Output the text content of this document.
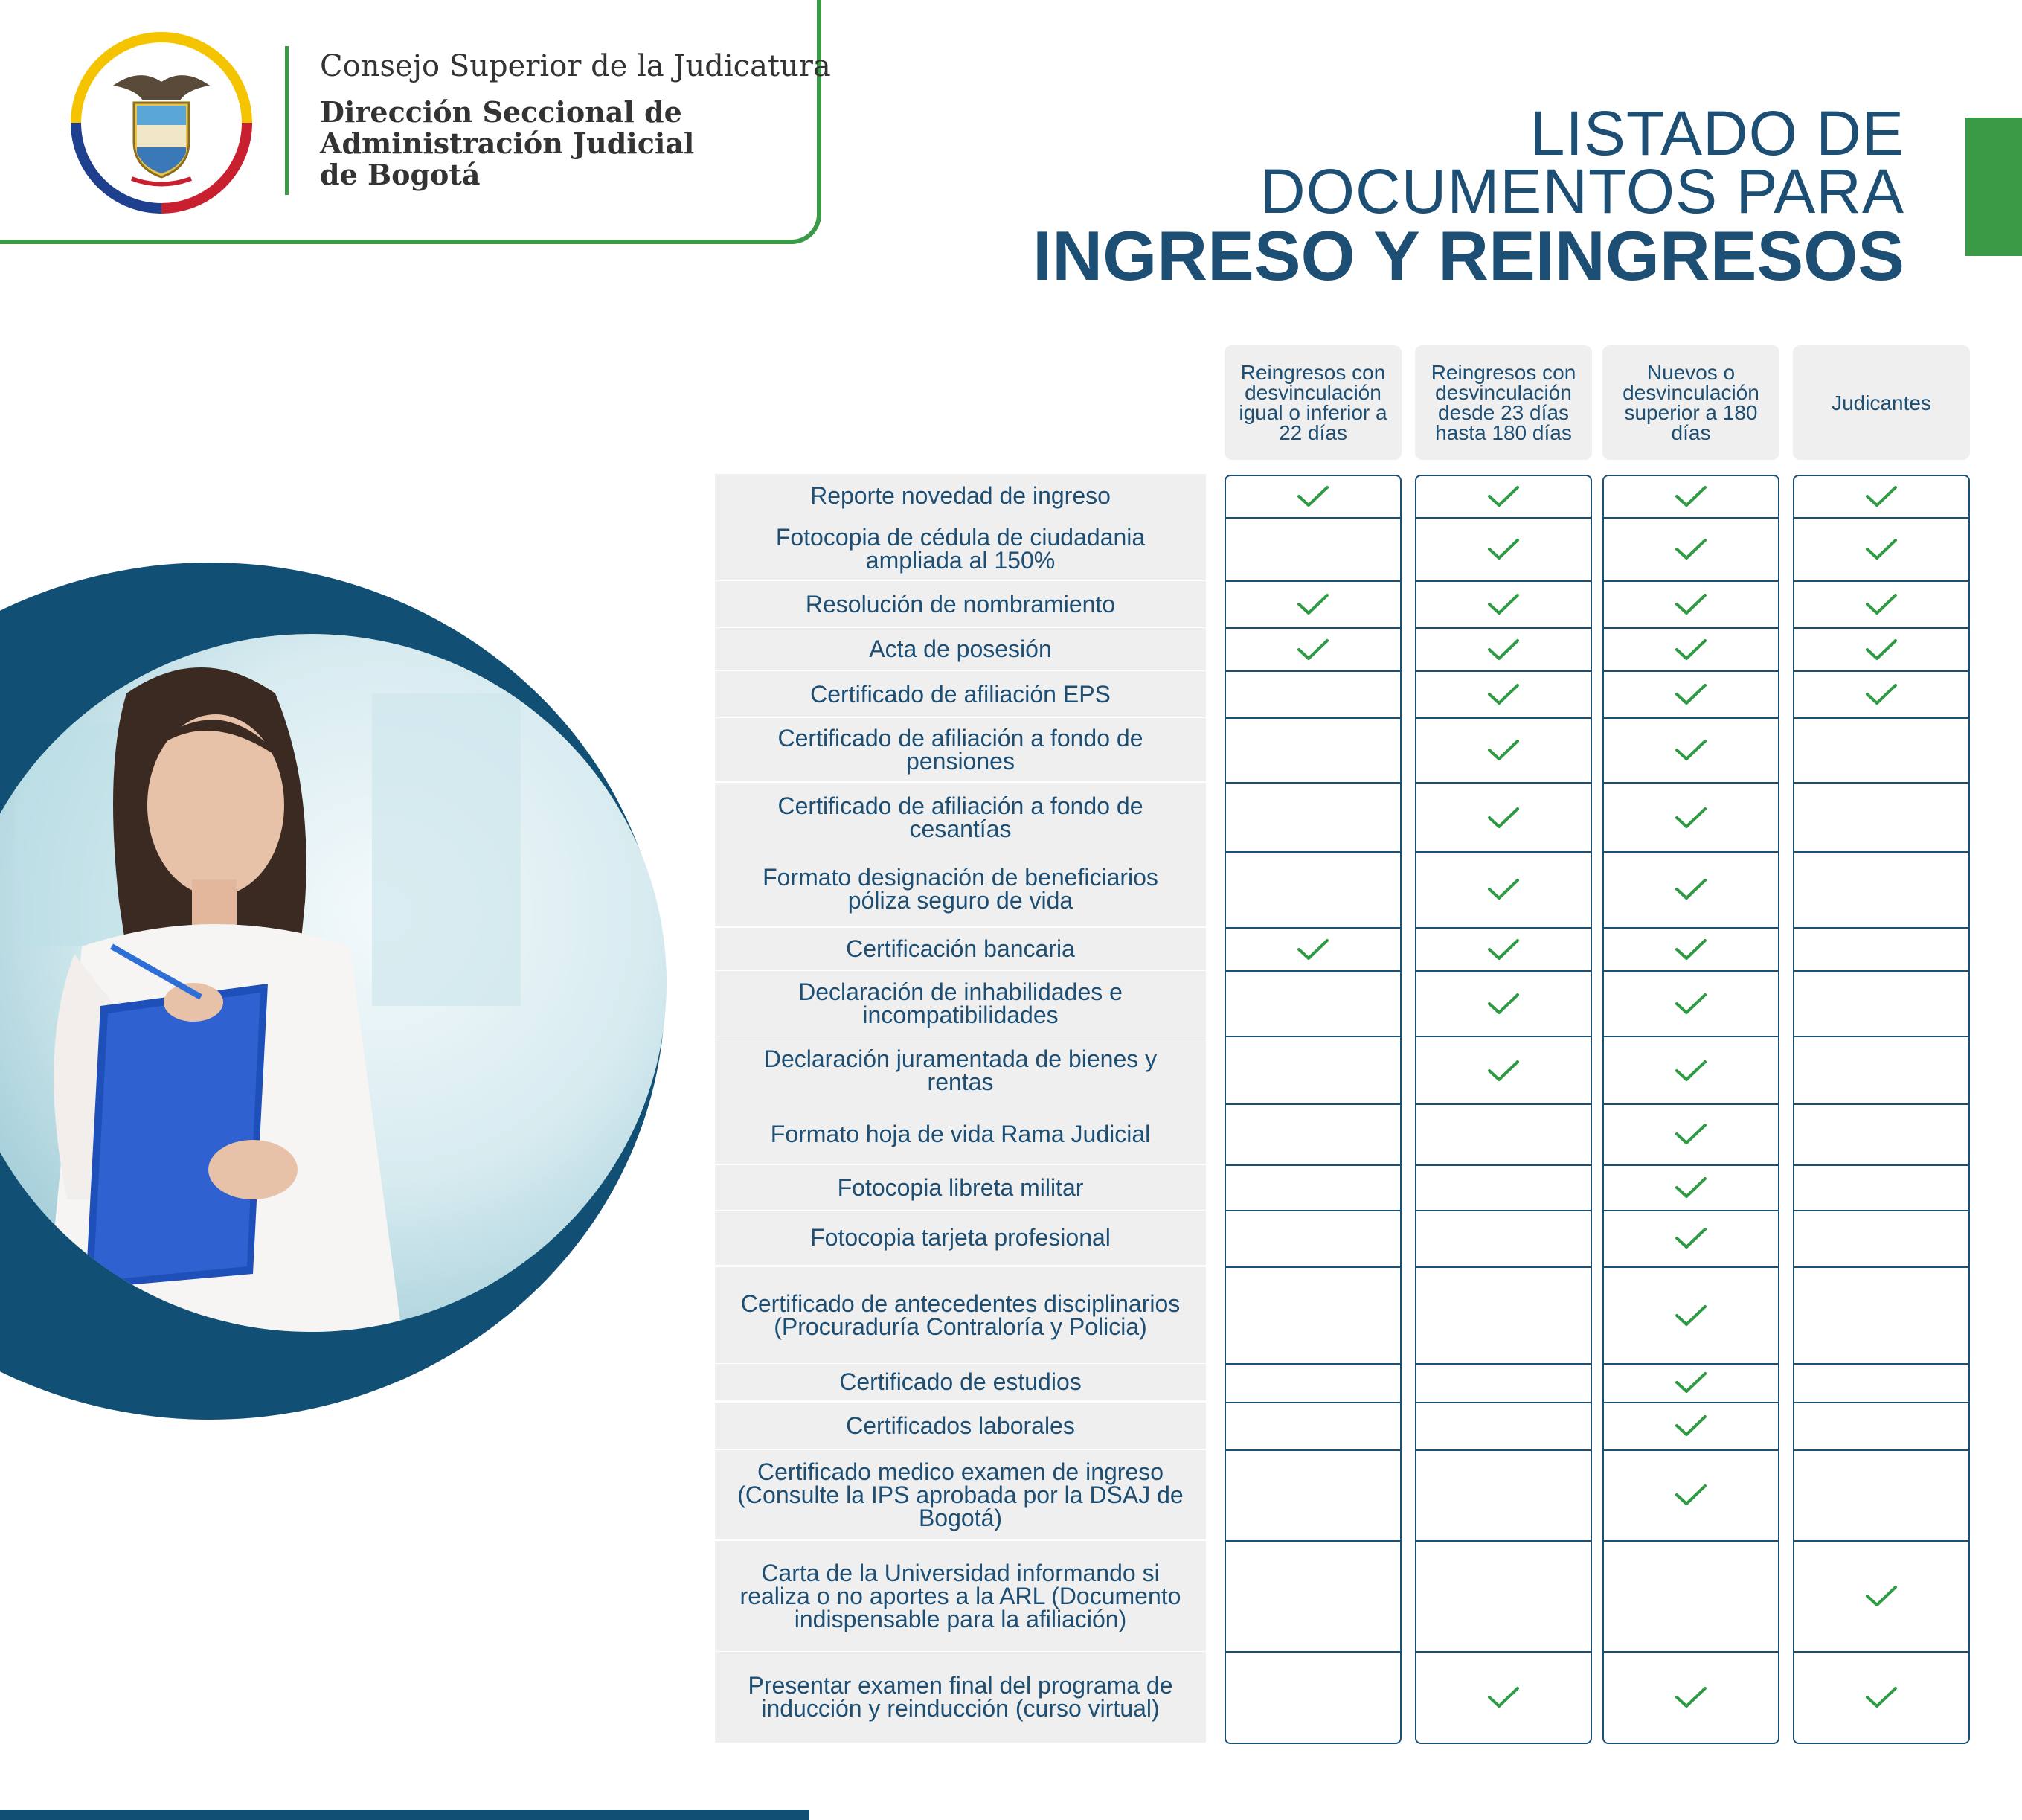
Consejo Superior de la Judicatura
Dirección Seccional de
Administración Judicial
de Bogotá
LISTADO DE
DOCUMENTOS PARA
INGRESO Y REINGRESOS
Reingresos con desvinculación igual o inferior a 22 días
Reingresos con desvinculación desde 23 días hasta 180 días
Nuevos o desvinculación superior a 180 días
Judicantes
Reporte novedad de ingreso
Fotocopia de cédula de ciudadania ampliada al 150%
Resolución de nombramiento
Acta de posesión
Certificado de afiliación EPS
Certificado de afiliación a fondo de pensiones
Certificado de afiliación a fondo de cesantías
Formato designación de beneficiarios póliza seguro de vida
Certificación bancaria
Declaración de inhabilidades e incompatibilidades
Declaración juramentada de bienes y rentas
Formato hoja de vida Rama Judicial
Fotocopia libreta militar
Fotocopia tarjeta profesional
Certificado de antecedentes disciplinarios (Procuraduría Contraloría y Policia)
Certificado de estudios
Certificados laborales
Certificado medico examen de ingreso (Consulte la IPS aprobada por la DSAJ de Bogotá)
Carta de la Universidad informando si realiza o no aportes a la ARL (Documento indispensable para la afiliación)
Presentar examen final del programa de inducción y reinducción (curso virtual)
